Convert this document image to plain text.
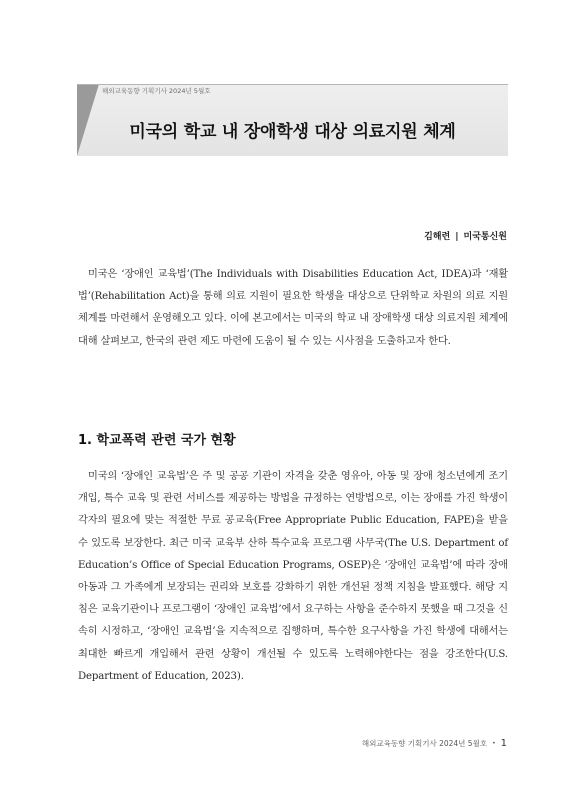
해외교육동향 기획기사 2024년 5월호
미국의 학교 내 장애학생 대상 의료지원 체계
김해련 | 미국통신원

미국은 ‘장애인 교육법’(The Individuals with Disabilities Education Act, IDEA)과 ‘재활법’(Rehabilitation Act)을 통해 의료 지원이 필요한 학생을 대상으로 단위학교 차원의 의료 지원 체계를 마련해서 운영해오고 있다. 이에 본고에서는 미국의 학교 내 장애학생 대상 의료지원 체계에 대해 살펴보고, 한국의 관련 제도 마련에 도움이 될 수 있는 시사점을 도출하고자 한다.

1. 학교폭력 관련 국가 현황

미국의 ‘장애인 교육법’은 주 및 공공 기관이 자격을 갖춘 영유아, 아동 및 장애 청소년에게 조기 개입, 특수 교육 및 관련 서비스를 제공하는 방법을 규정하는 연방법으로, 이는 장애를 가진 학생이 각자의 필요에 맞는 적절한 무료 공교육(Free Appropriate Public Education, FAPE)을 받을 수 있도록 보장한다. 최근 미국 교육부 산하 특수교육 프로그램 사무국(The U.S. Department of Education’s Office of Special Education Programs, OSEP)은 ‘장애인 교육법’에 따라 장애 아동과 그 가족에게 보장되는 권리와 보호를 강화하기 위한 개선된 정책 지침을 발표했다. 해당 지침은 교육기관이나 프로그램이 ‘장애인 교육법’에서 요구하는 사항을 준수하지 못했을 때 그것을 신속히 시정하고, ‘장애인 교육법’을 지속적으로 집행하며, 특수한 요구사항을 가진 학생에 대해서는 최대한 빠르게 개입해서 관련 상황이 개선될 수 있도록 노력해야한다는 점을 강조한다(U.S. Department of Education, 2023).

해외교육동향 기획기사 2024년 5월호 • 1
